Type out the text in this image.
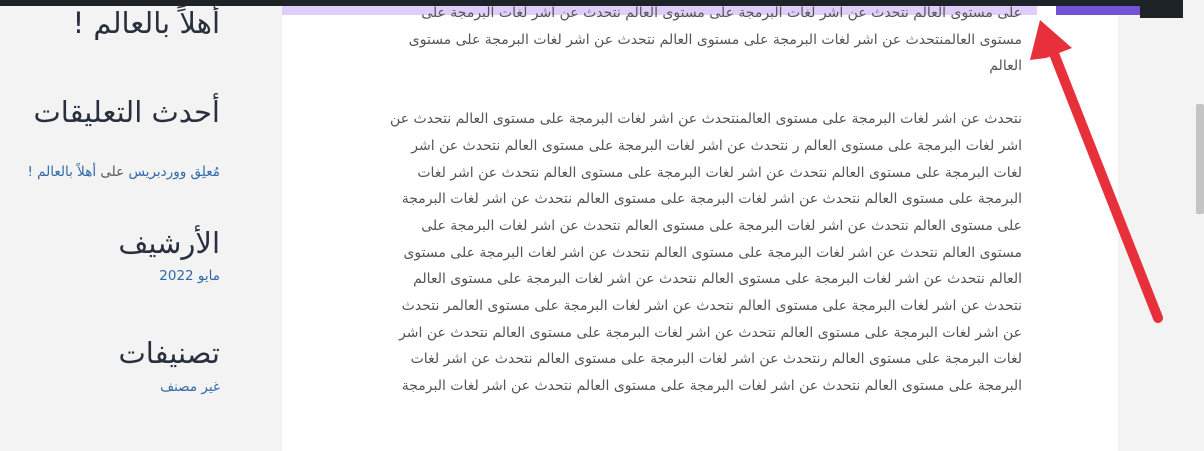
على مستوى العالم نتحدث عن اشر لغات البرمجة على مستوى العالم نتحدث عن اشر لغات البرمجة على مستوى العالمنتحدث عن اشر لغات البرمجة على مستوى العالم نتحدث عن اشر لغات البرمجة على مستوى العالم

نتحدث عن اشر لغات البرمجة على مستوى العالمنتحدث عن اشر لغات البرمجة على مستوى العالم نتحدث عن اشر لغات البرمجة على مستوى العالم ر نتحدث عن اشر لغات البرمجة على مستوى العالم نتحدث عن اشر لغات البرمجة على مستوى العالم نتحدث عن اشر لغات البرمجة على مستوى العالم نتحدث عن اشر لغات البرمجة على مستوى العالم نتحدث عن اشر لغات البرمجة على مستوى العالم نتحدث عن اشر لغات البرمجة على مستوى العالم نتحدث عن اشر لغات البرمجة على مستوى العالم نتحدث عن اشر لغات البرمجة على مستوى العالم نتحدث عن اشر لغات البرمجة على مستوى العالم نتحدث عن اشر لغات البرمجة على مستوى العالم نتحدث عن اشر لغات البرمجة على مستوى العالم نتحدث عن اشر لغات البرمجة على مستوى العالم نتحدث عن اشر لغات البرمجة على مستوى العالم نتحدث عن اشر لغات البرمجة على مستوى العالمر نتحدث عن اشر لغات البرمجة على مستوى العالم نتحدث عن اشر لغات البرمجة على مستوى العالم نتحدث عن اشر لغات البرمجة على مستوى العالم رنتحدث عن اشر لغات البرمجة على مستوى العالم نتحدث عن اشر لغات البرمجة على مستوى العالم نتحدث عن اشر لغات البرمجة على مستوى العالم نتحدث عن اشر لغات البرمجة

أهلاً بالعالم !
أحدث التعليقات
مُعلِق ووردبريس على أهلاً بالعالم !
الأرشيف
مايو 2022
تصنيفات
غير مصنف
